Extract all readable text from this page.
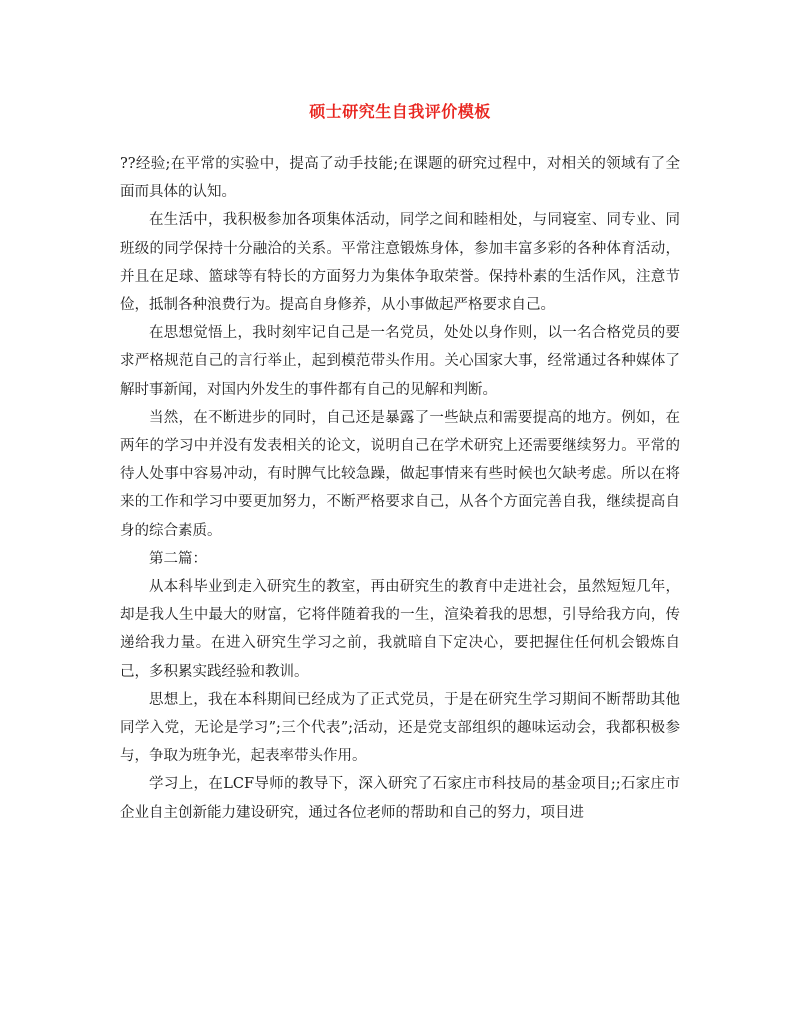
硕士研究生自我评价模板

??经验;在平常的实验中，提高了动手技能;在课题的研究过程中，对相关的领域有了全面而具体的认知。

在生活中，我积极参加各项集体活动，同学之间和睦相处，与同寝室、同专业、同班级的同学保持十分融洽的关系。平常注意锻炼身体，参加丰富多彩的各种体育活动，并且在足球、篮球等有特长的方面努力为集体争取荣誉。保持朴素的生活作风，注意节俭，抵制各种浪费行为。提高自身修养，从小事做起严格要求自己。

在思想觉悟上，我时刻牢记自己是一名党员，处处以身作则，以一名合格党员的要求严格规范自己的言行举止，起到模范带头作用。关心国家大事，经常通过各种媒体了解时事新闻，对国内外发生的事件都有自己的见解和判断。

当然，在不断进步的同时，自己还是暴露了一些缺点和需要提高的地方。例如，在两年的学习中并没有发表相关的论文，说明自己在学术研究上还需要继续努力。平常的待人处事中容易冲动，有时脾气比较急躁，做起事情来有些时候也欠缺考虑。所以在将来的工作和学习中要更加努力，不断严格要求自己，从各个方面完善自我，继续提高自身的综合素质。

第二篇：

从本科毕业到走入研究生的教室，再由研究生的教育中走进社会，虽然短短几年，却是我人生中最大的财富，它将伴随着我的一生，渲染着我的思想，引导给我方向，传递给我力量。在进入研究生学习之前，我就暗自下定决心，要把握住任何机会锻炼自己，多积累实践经验和教训。

思想上，我在本科期间已经成为了正式党员，于是在研究生学习期间不断帮助其他同学入党，无论是学习”;三个代表”;活动，还是党支部组织的趣味运动会，我都积极参与，争取为班争光，起表率带头作用。

学习上，在LCF导师的教导下，深入研究了石家庄市科技局的基金项目;;石家庄市企业自主创新能力建设研究，通过各位老师的帮助和自己的努力，项目进
